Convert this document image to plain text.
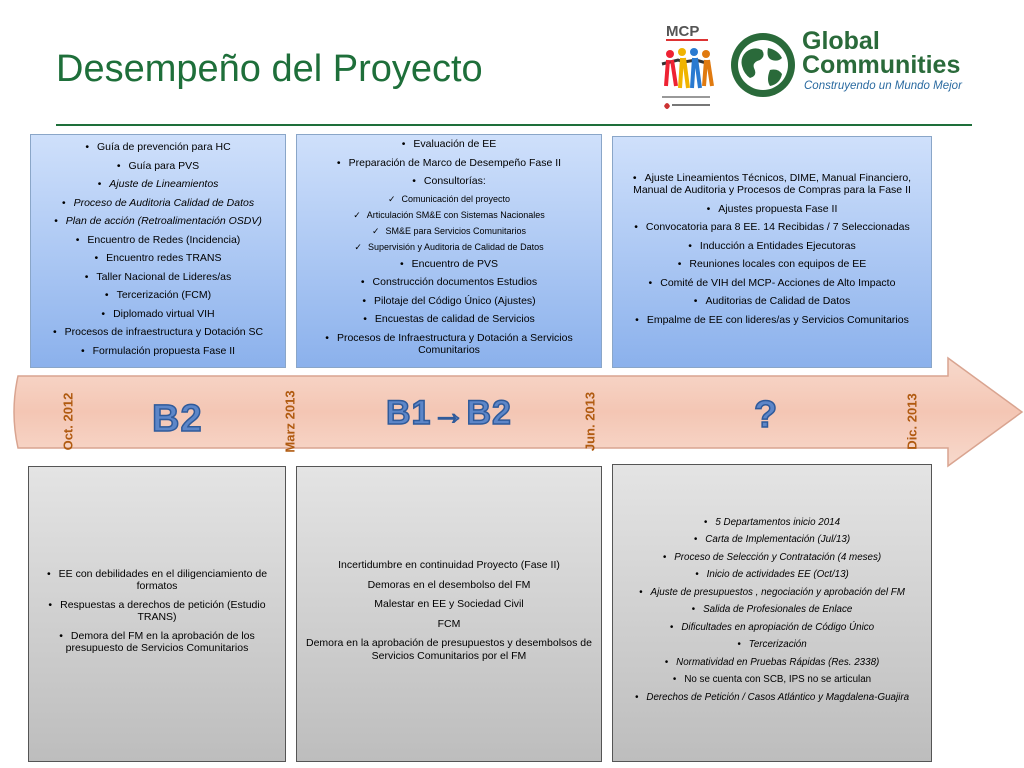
Desempeño del Proyecto
MCP	Global
Communities
Construyendo un Mundo Mejor
• Guía de prevención para HC
• Guía para PVS
• Ajuste de Lineamientos
• Proceso de Auditoria Calidad de Datos
• Plan de acción (Retroalimentación OSDV)
• Encuentro de Redes (Incidencia)
• Encuentro redes TRANS
• Taller Nacional de Lideres/as
• Tercerización (FCM)
• Diplomado virtual VIH
• Procesos de infraestructura y Dotación SC
• Formulación propuesta Fase II
• Evaluación de EE
• Preparación de Marco de Desempeño Fase II
• Consultorías:
✓ Comunicación del proyecto
✓ Articulación SM&E con Sistemas Nacionales
✓ SM&E para Servicios Comunitarios
✓ Supervisión y Auditoria de Calidad de Datos
• Encuentro de PVS
• Construcción documentos Estudios
• Pilotaje del Código Único (Ajustes)
• Encuestas de calidad de Servicios
• Procesos de Infraestructura y Dotación a Servicios Comunitarios
• Ajuste Lineamientos Técnicos, DIME, Manual Financiero, Manual de Auditoria y Procesos de Compras para la Fase II
• Ajustes propuesta Fase II
• Convocatoria para 8 EE. 14 Recibidas / 7 Seleccionadas
• Inducción a Entidades Ejecutoras
• Reuniones locales con equipos de EE
• Comité de VIH del MCP- Acciones de Alto Impacto
• Auditorias de Calidad de Datos
• Empalme de EE con lideres/as y Servicios Comunitarios
Oct. 2012	Marz 2013	Jun. 2013	Dic. 2013
B2	B1→B2	?
• EE con debilidades en el diligenciamiento de formatos
• Respuestas a derechos de petición (Estudio TRANS)
• Demora del FM en la aprobación de los presupuesto de Servicios Comunitarios
Incertidumbre en continuidad Proyecto (Fase II)
Demoras en el desembolso del FM
Malestar en EE y Sociedad Civil
FCM
Demora en la aprobación de presupuestos y desembolsos de Servicios Comunitarios por el FM
• 5 Departamentos inicio 2014
• Carta de Implementación (Jul/13)
• Proceso de Selección y Contratación (4 meses)
• Inicio de actividades EE (Oct/13)
• Ajuste de presupuestos , negociación y aprobación del FM
• Salida de Profesionales de Enlace
• Dificultades en apropiación de Código Único
• Tercerización
• Normatividad en Pruebas Rápidas (Res. 2338)
• No se cuenta con SCB, IPS no se articulan
• Derechos de Petición / Casos Atlántico y Magdalena-Guajira
